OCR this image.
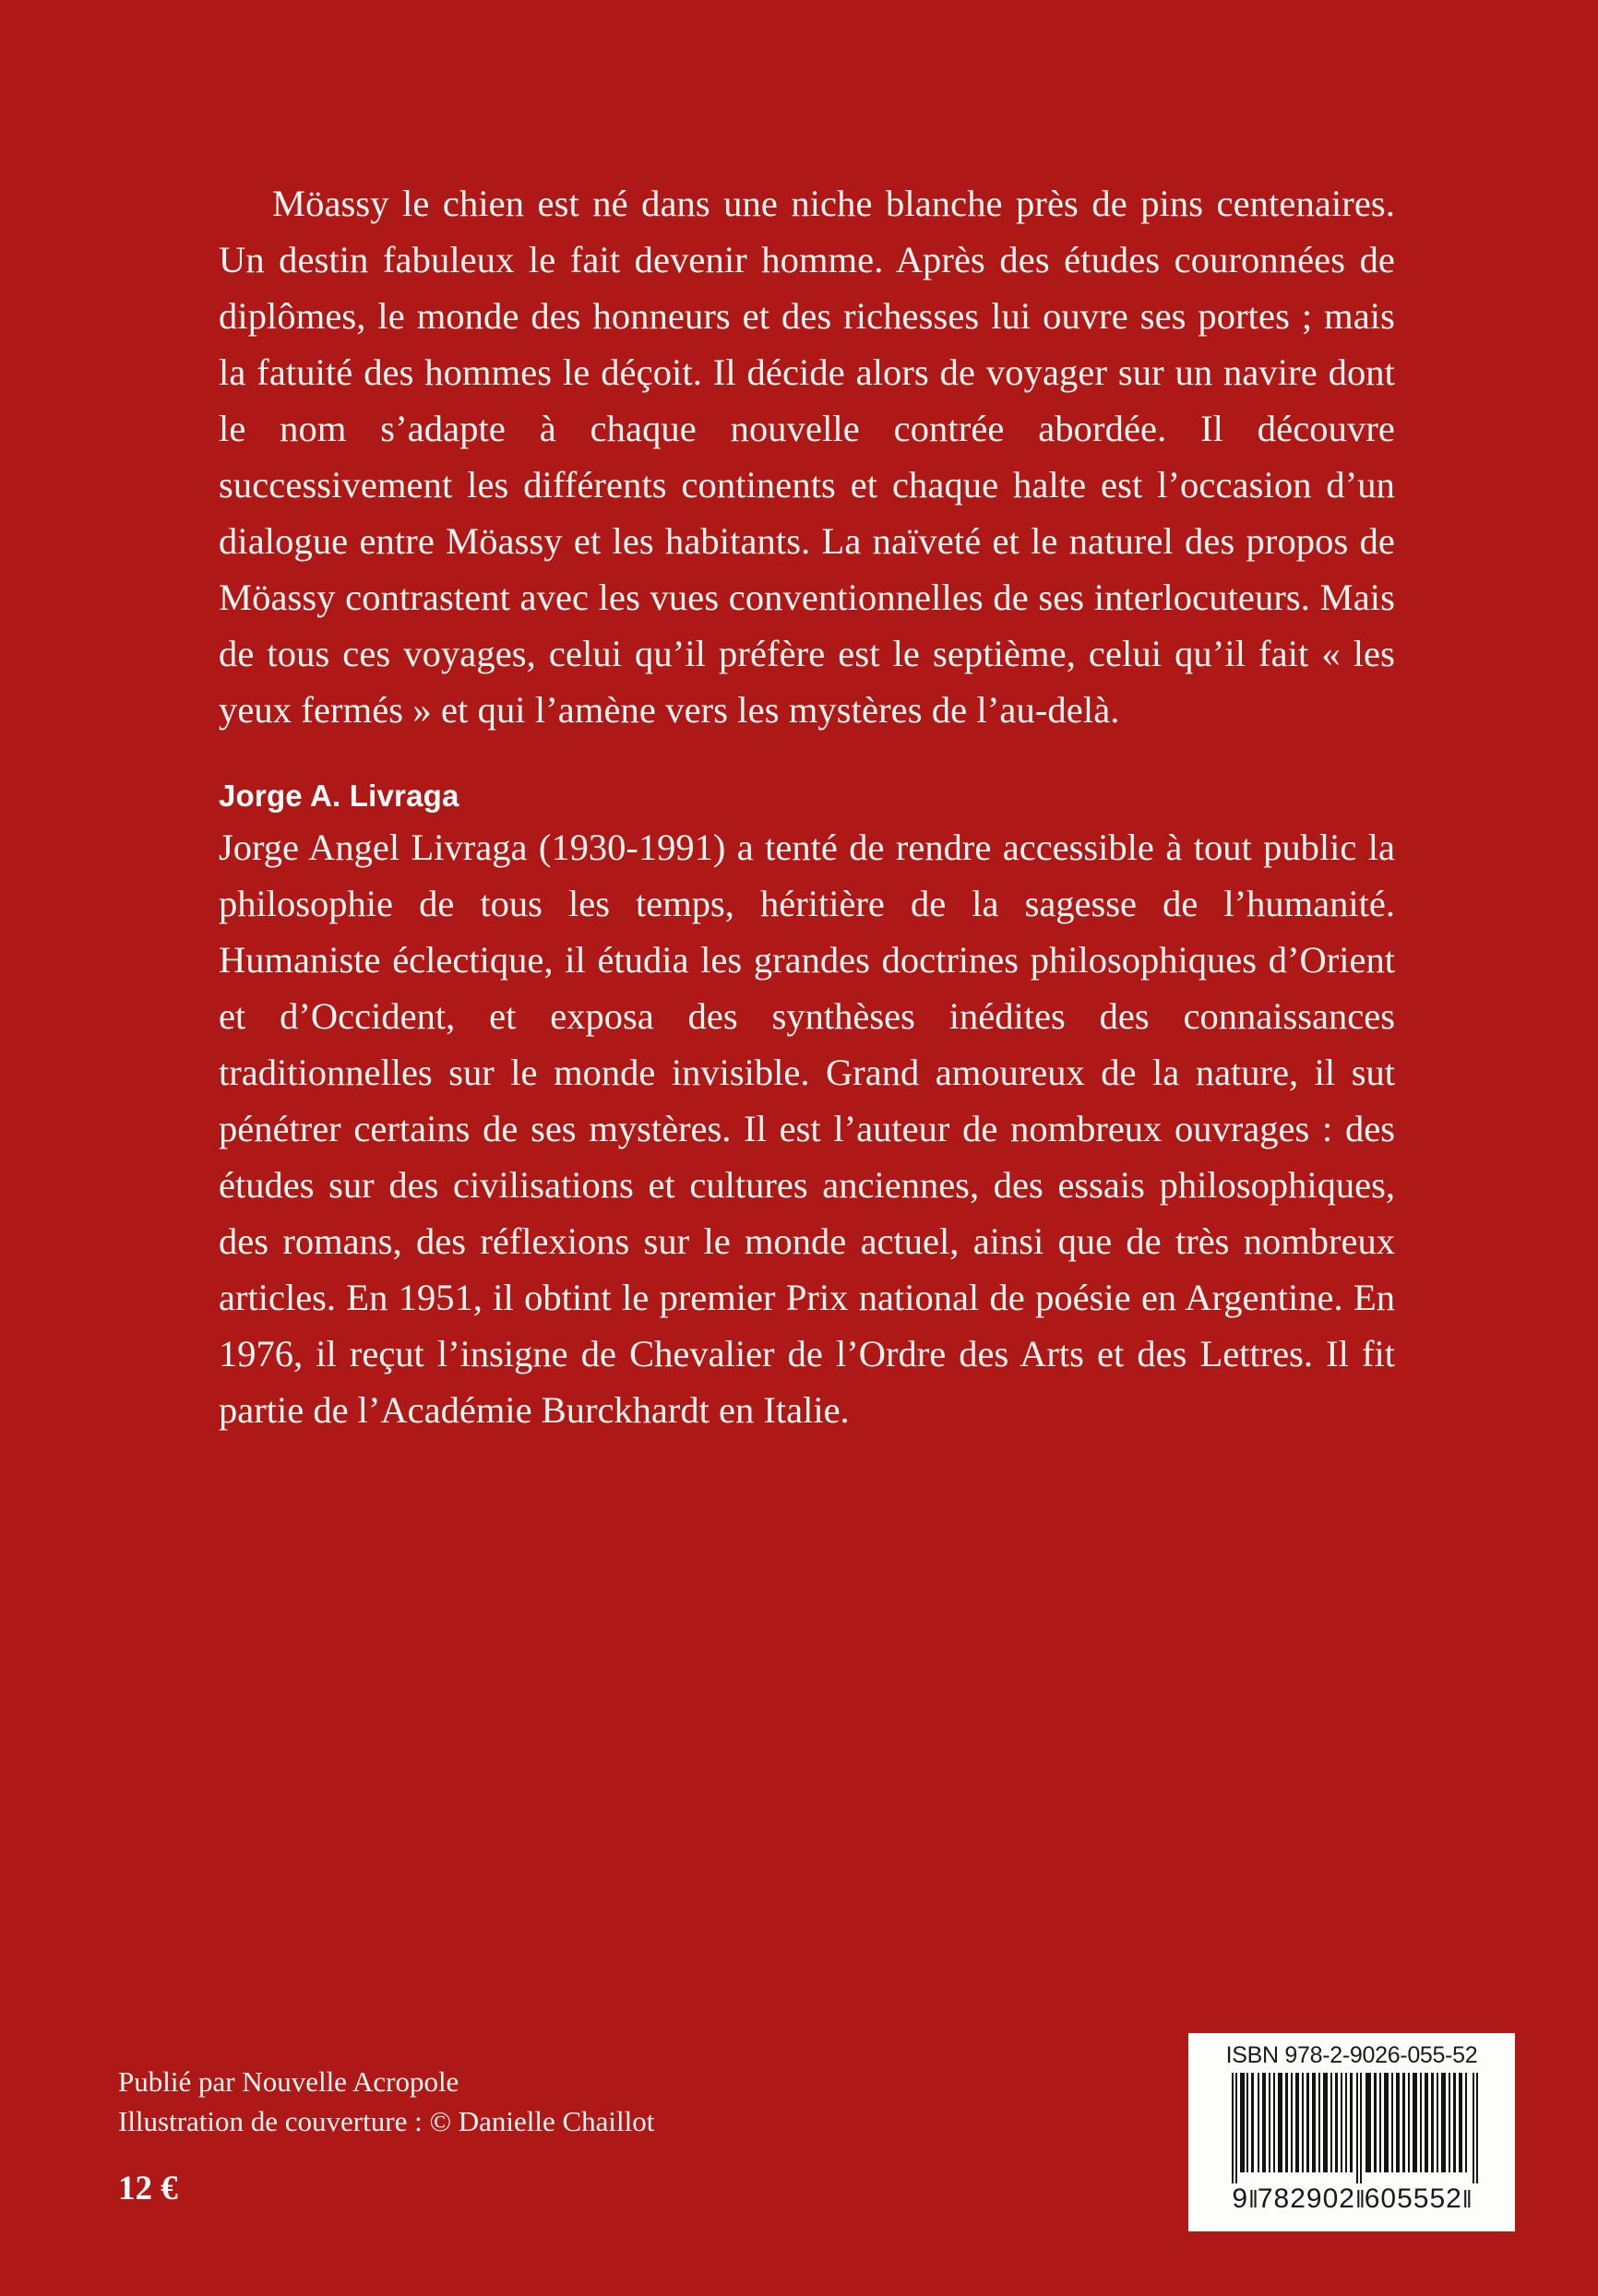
Möassy le chien est né dans une niche blanche près de pins centenaires. Un destin fabuleux le fait devenir homme. Après des études couronnées de diplômes, le monde des honneurs et des richesses lui ouvre ses portes ; mais la fatuité des hommes le déçoit. Il décide alors de voyager sur un navire dont le nom s’adapte à chaque nouvelle contrée abordée. Il découvre successivement les différents continents et chaque halte est l’occasion d’un dialogue entre Möassy et les habitants. La naïveté et le naturel des propos de Möassy contrastent avec les vues conventionnelles de ses interlocuteurs. Mais de tous ces voyages, celui qu’il préfère est le septième, celui qu’il fait « les yeux fermés » et qui l’amène vers les mystères de l’au-delà.

Jorge A. Livraga

Jorge Angel Livraga (1930-1991) a tenté de rendre accessible à tout public la philosophie de tous les temps, héritière de la sagesse de l’humanité. Humaniste éclectique, il étudia les grandes doctrines philosophiques d’Orient et d’Occident, et exposa des synthèses inédites des connaissances traditionnelles sur le monde invisible. Grand amoureux de la nature, il sut pénétrer certains de ses mystères. Il est l’auteur de nombreux ouvrages : des études sur des civilisations et cultures anciennes, des essais philosophiques, des romans, des réflexions sur le monde actuel, ainsi que de très nombreux articles. En 1951, il obtint le premier Prix national de poésie en Argentine. En 1976, il reçut l’insigne de Chevalier de l’Ordre des Arts et des Lettres. Il fit partie de l’Académie Burckhardt en Italie.

Publié par Nouvelle Acropole
Illustration de couverture : © Danielle Chaillot
12 €
ISBN 978-2-9026-055-52
9‖782902‖605552‖
